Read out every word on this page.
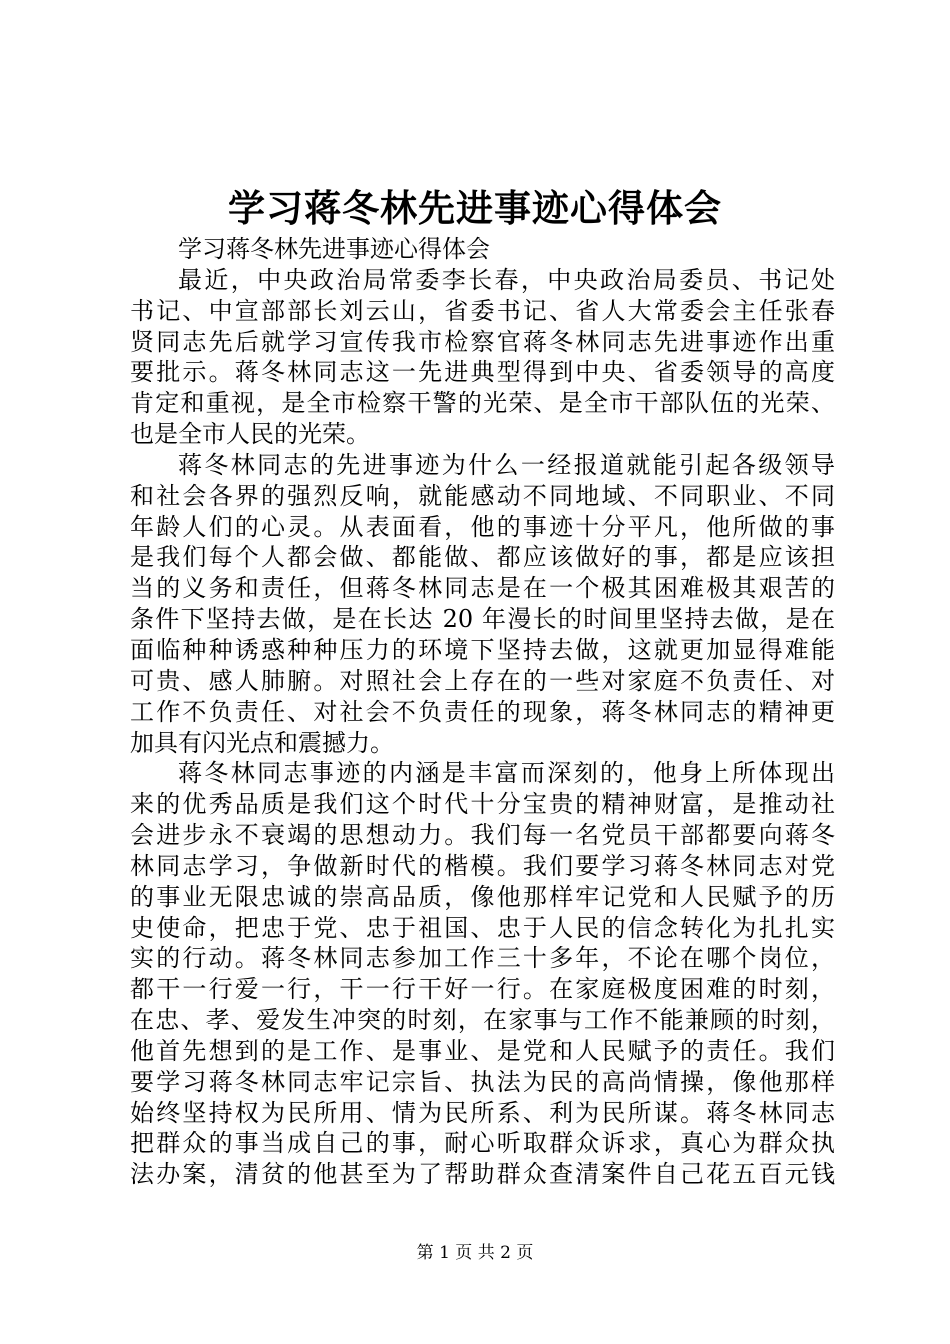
学习蒋冬林先进事迹心得体会
学习蒋冬林先进事迹心得体会
最近，中央政治局常委李长春，中央政治局委员、书记处
书记、中宣部部长刘云山，省委书记、省人大常委会主任张春
贤同志先后就学习宣传我市检察官蒋冬林同志先进事迹作出重
要批示。蒋冬林同志这一先进典型得到中央、省委领导的高度
肯定和重视，是全市检察干警的光荣、是全市干部队伍的光荣、
也是全市人民的光荣。
蒋冬林同志的先进事迹为什么一经报道就能引起各级领导
和社会各界的强烈反响，就能感动不同地域、不同职业、不同
年龄人们的心灵。从表面看，他的事迹十分平凡，他所做的事
是我们每个人都会做、都能做、都应该做好的事，都是应该担
当的义务和责任，但蒋冬林同志是在一个极其困难极其艰苦的
条件下坚持去做，是在长达 20 年漫长的时间里坚持去做，是在
面临种种诱惑种种压力的环境下坚持去做，这就更加显得难能
可贵、感人肺腑。对照社会上存在的一些对家庭不负责任、对
工作不负责任、对社会不负责任的现象，蒋冬林同志的精神更
加具有闪光点和震撼力。
蒋冬林同志事迹的内涵是丰富而深刻的，他身上所体现出
来的优秀品质是我们这个时代十分宝贵的精神财富，是推动社
会进步永不衰竭的思想动力。我们每一名党员干部都要向蒋冬
林同志学习，争做新时代的楷模。我们要学习蒋冬林同志对党
的事业无限忠诚的崇高品质，像他那样牢记党和人民赋予的历
史使命，把忠于党、忠于祖国、忠于人民的信念转化为扎扎实
实的行动。蒋冬林同志参加工作三十多年，不论在哪个岗位，
都干一行爱一行，干一行干好一行。在家庭极度困难的时刻，
在忠、孝、爱发生冲突的时刻，在家事与工作不能兼顾的时刻，
他首先想到的是工作、是事业、是党和人民赋予的责任。我们
要学习蒋冬林同志牢记宗旨、执法为民的高尚情操，像他那样
始终坚持权为民所用、情为民所系、利为民所谋。蒋冬林同志
把群众的事当成自己的事，耐心听取群众诉求，真心为群众执
法办案，清贫的他甚至为了帮助群众查清案件自己花五百元钱
第 1 页 共 2 页
